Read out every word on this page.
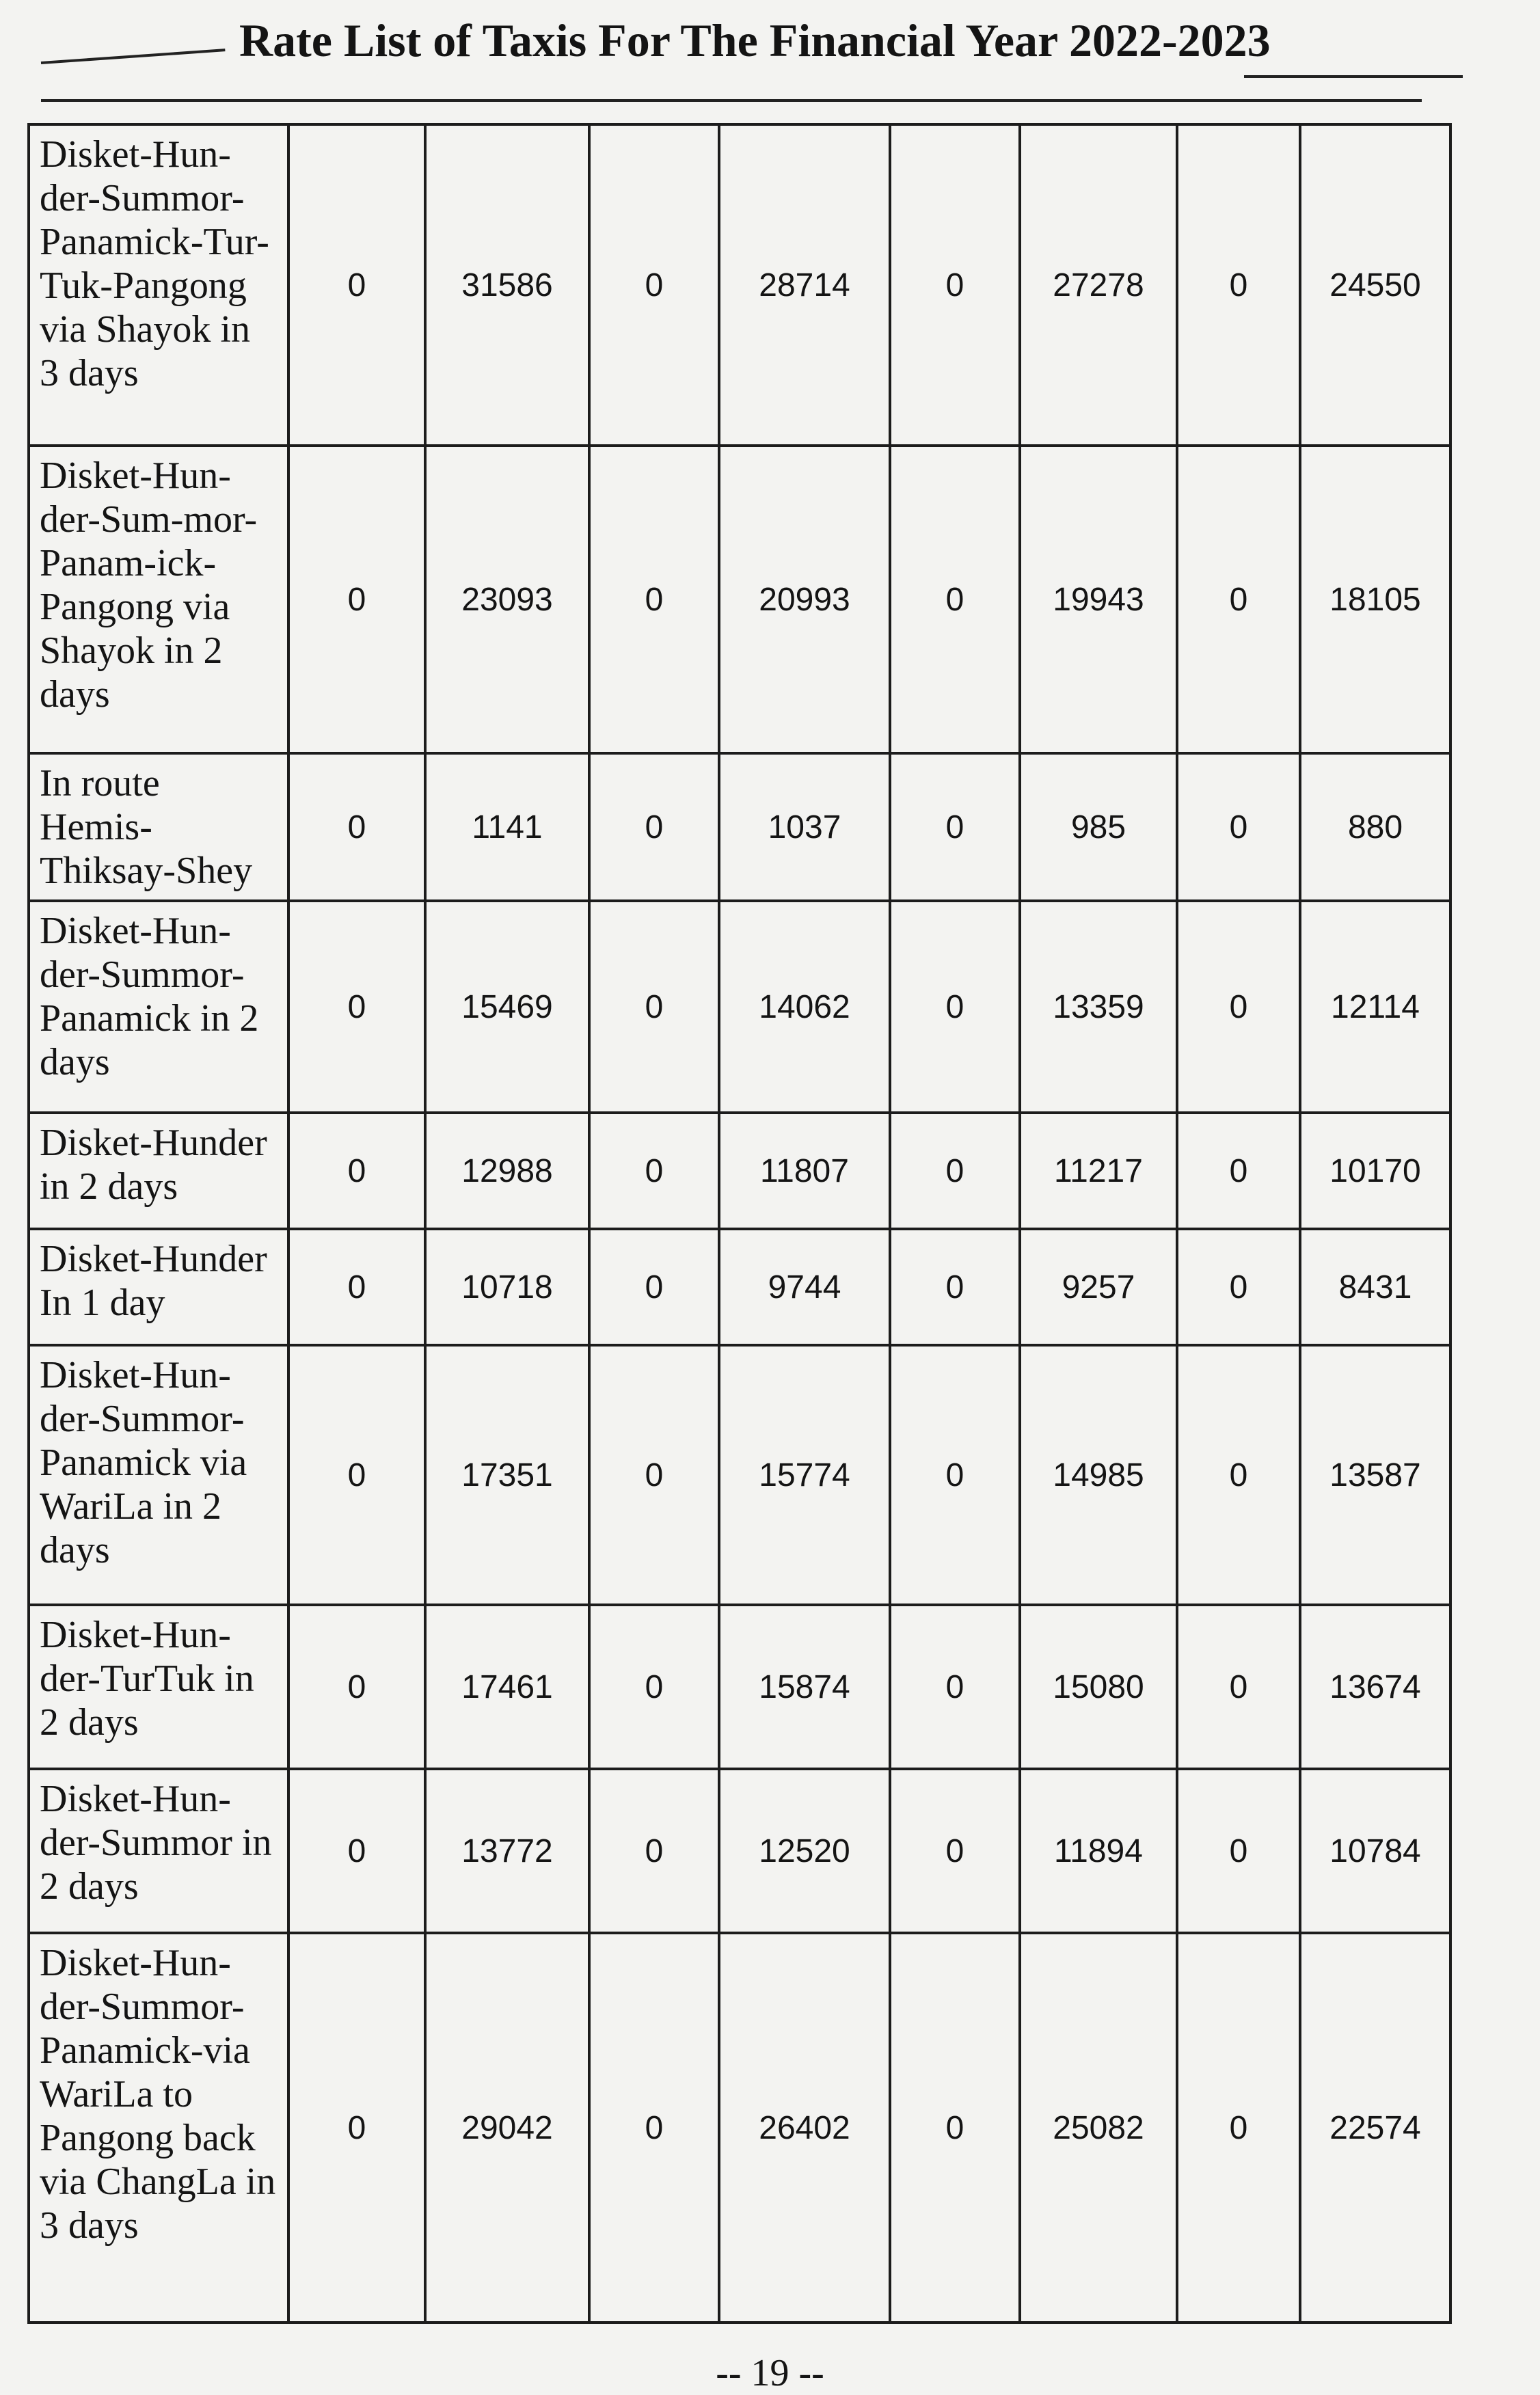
Rate List of Taxis For The Financial Year 2022-2023
Disket-Hun-der-Summor-Panamick-Tur-Tuk-Pangong via Shayok in 3 days	0	31586	0	28714	0	27278	0	24550
Disket-Hun-der-Sum-mor- Panam-ick-Pangong via Shayok in 2 days	0	23093	0	20993	0	19943	0	18105
In route Hemis-Thiksay-Shey	0	1141	0	1037	0	985	0	880
Disket-Hun-der-Summor-Panamick in 2 days	0	15469	0	14062	0	13359	0	12114
Disket-Hunder in 2 days	0	12988	0	11807	0	11217	0	10170
Disket-Hunder In 1 day	0	10718	0	9744	0	9257	0	8431
Disket-Hun-der-Summor-Panamick via WariLa in 2 days	0	17351	0	15774	0	14985	0	13587
Disket-Hun-der-TurTuk in 2 days	0	17461	0	15874	0	15080	0	13674
Disket-Hun-der-Summor in 2 days	0	13772	0	12520	0	11894	0	10784
Disket-Hun-der-Summor-Panamick-via WariLa to Pangong back via ChangLa in 3 days	0	29042	0	26402	0	25082	0	22574
-- 19 --
